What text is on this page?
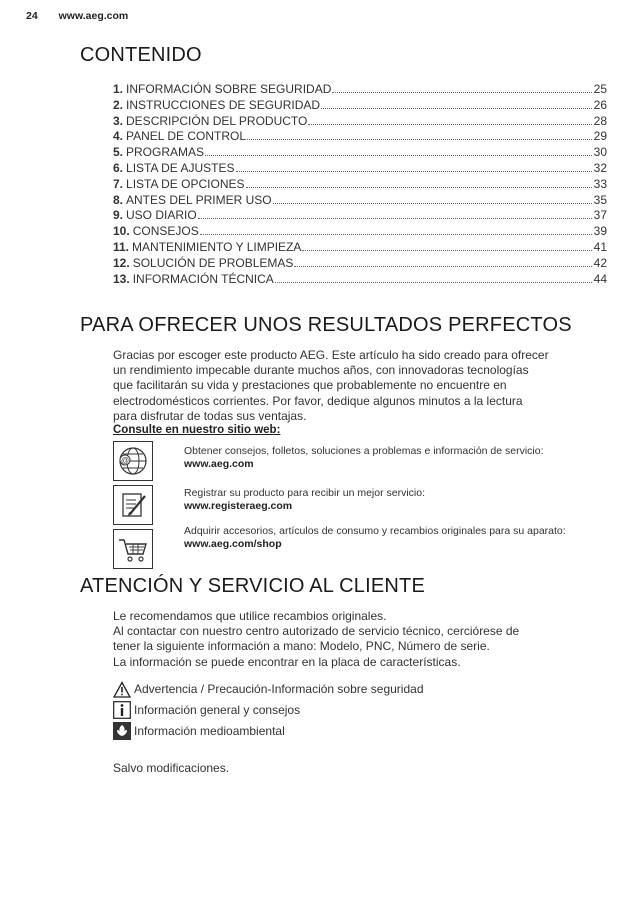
24 www.aeg.com
CONTENIDO
1. INFORMACIÓN SOBRE SEGURIDAD	25
2. INSTRUCCIONES DE SEGURIDAD	26
3. DESCRIPCIÓN DEL PRODUCTO	28
4. PANEL DE CONTROL	29
5. PROGRAMAS	30
6. LISTA DE AJUSTES	32
7. LISTA DE OPCIONES	33
8. ANTES DEL PRIMER USO	35
9. USO DIARIO	37
10. CONSEJOS	39
11. MANTENIMIENTO Y LIMPIEZA	41
12. SOLUCIÓN DE PROBLEMAS	42
13. INFORMACIÓN TÉCNICA	44
PARA OFRECER UNOS RESULTADOS PERFECTOS
Gracias por escoger este producto AEG. Este artículo ha sido creado para ofrecer
un rendimiento impecable durante muchos años, con innovadoras tecnologías
que facilitarán su vida y prestaciones que probablemente no encuentre en
electrodomésticos corrientes. Por favor, dedique algunos minutos a la lectura
para disfrutar de todas sus ventajas.
Consulte en nuestro sitio web:
@
Obtener consejos, folletos, soluciones a problemas e información de servicio:
www.aeg.com
Registrar su producto para recibir un mejor servicio:
www.registeraeg.com
Adquirir accesorios, artículos de consumo y recambios originales para su aparato:
www.aeg.com/shop
ATENCIÓN Y SERVICIO AL CLIENTE
Le recomendamos que utilice recambios originales.
Al contactar con nuestro centro autorizado de servicio técnico, cerciórese de
tener la siguiente información a mano: Modelo, PNC, Número de serie.
La información se puede encontrar en la placa de características.
Advertencia / Precaución-Información sobre seguridad
Información general y consejos
Información medioambiental
Salvo modificaciones.
